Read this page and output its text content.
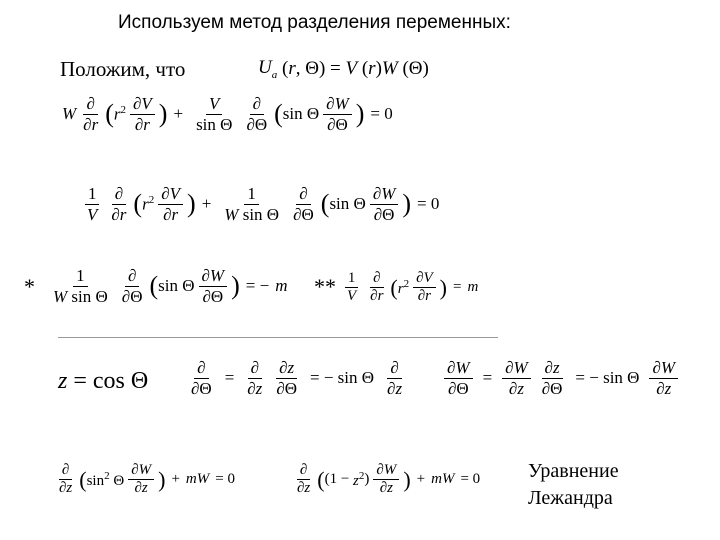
Используем метод разделения переменных:
Положим, что	$U_a$ ( r , Θ) = V ( r ) W (Θ)
W $\frac{\partial}{\partial r}$ ( $r^2 \frac{\partial V}{\partial r}$ ) + $\frac{V}{\text{sin Θ}} \frac{\partial}{\partial\Theta}$ ( sin Θ $\frac{\partial W}{\partial\Theta}$ ) = 0
$\frac{1}{V} \frac{\partial}{\partial r}$ ( $r^2 \frac{\partial V}{\partial r}$ ) + $\frac{1}{\text{W sin Θ}} \frac{\partial}{\partial\Theta}$ ( sin Θ $\frac{\partial W}{\partial\Theta}$ ) = 0
*	**
$\frac{1}{\text{W sin Θ}} \frac{\partial}{\partial\Theta}$ ( sin Θ $\frac{\partial W}{\partial\Theta}$ ) = − m	$\frac{1}{V} \frac{\partial}{\partial r}$ ( $r^2 \frac{\partial V}{\partial r}$ ) = m
z = cos Θ $\frac{\partial}{\partial\Theta} = \frac{\partial}{\partial z} \frac{\partial z}{\partial\Theta}$ = − sin Θ $\frac{\partial}{\partial z} \frac{\partial W}{\partial\Theta} = \frac{\partial W}{\partial z} \frac{\partial z}{\partial\Theta}$ = − sin Θ $\frac{\partial W}{\partial z}$
$\frac{\partial}{\partial z}$ ( $\sin^2 \Theta \frac{\partial W}{\partial z}$ ) + mW = 0	$\frac{\partial}{\partial z}$ ( ($1 - z^2$ ) $\frac{\partial W}{\partial z}$ ) + mW = 0 Уравнение
Лежандра
